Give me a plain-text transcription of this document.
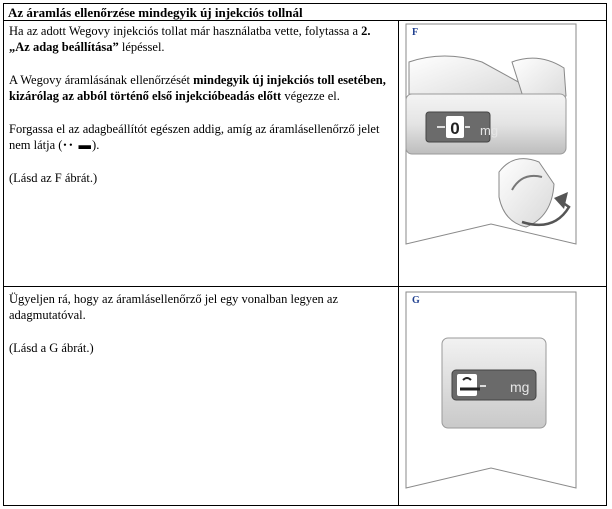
Az áramlás ellenőrzése mindegyik új injekciós tollnál

Ha az adott Wegovy injekciós tollat már használatba vette, folytassa a 2. „Az adag beállítása” lépéssel.

A Wegovy áramlásának ellenőrzését mindegyik új injekciós toll esetében, kizárólag az abból történő első injekcióbeadás előtt végezze el.

Forgassa el az adagbeállítót egészen addig, amíg az áramlásellenőrző jelet nem látja (⋅⋅ ▬).

(Lásd az F ábrát.)

Ügyeljen rá, hogy az áramlásellenőrző jel egy vonalban legyen az adagmutatóval.

(Lásd a G ábrát.)

0 mg
F
mg
G
